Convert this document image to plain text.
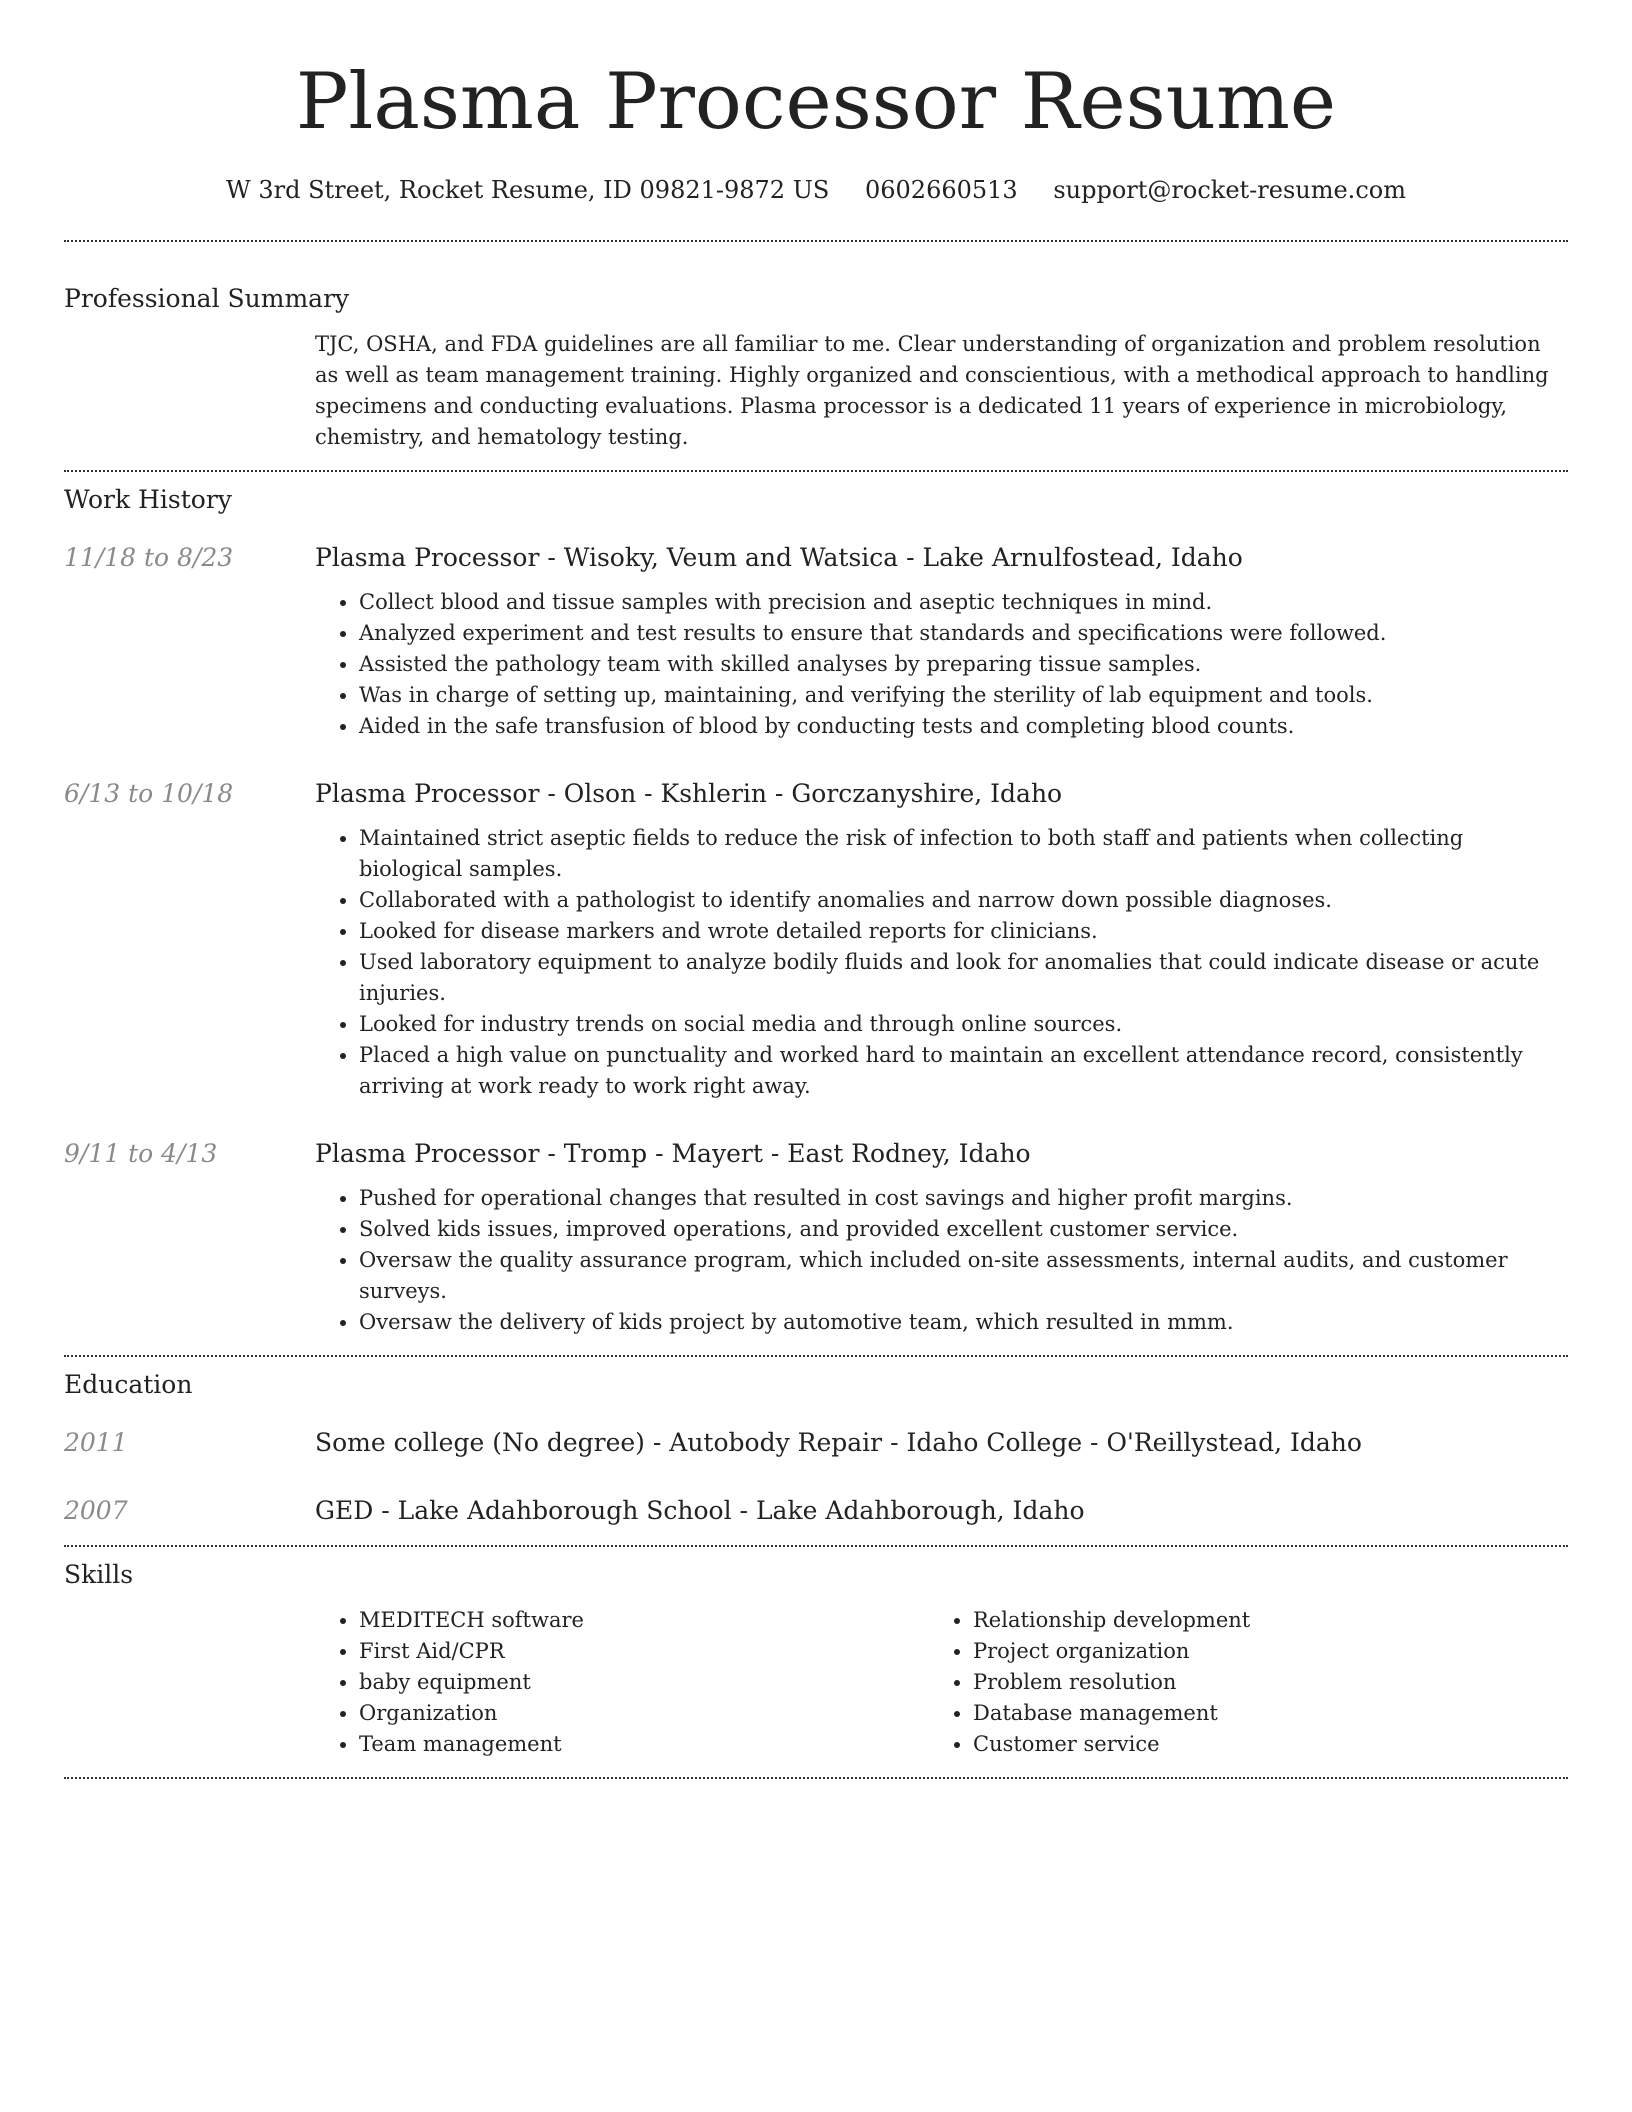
Plasma Processor Resume
W 3rd Street, Rocket Resume, ID 09821-9872 US 0602660513 support@rocket-resume.com
Professional Summary

TJC, OSHA, and FDA guidelines are all familiar to me. Clear understanding of organization and problem resolution as well as team management training. Highly organized and conscientious, with a methodical approach to handling specimens and conducting evaluations. Plasma processor is a dedicated 11 years of experience in microbiology, chemistry, and hematology testing.

Work History
11/18 to 8/23	Plasma Processor - Wisoky, Veum and Watsica - Lake Arnulfostead, Idaho
• Collect blood and tissue samples with precision and aseptic techniques in mind.
• Analyzed experiment and test results to ensure that standards and specifications were followed.
• Assisted the pathology team with skilled analyses by preparing tissue samples.
• Was in charge of setting up, maintaining, and verifying the sterility of lab equipment and tools.
• Aided in the safe transfusion of blood by conducting tests and completing blood counts.
6/13 to 10/18	Plasma Processor - Olson - Kshlerin - Gorczanyshire, Idaho
• Maintained strict aseptic fields to reduce the risk of infection to both staff and patients when collecting biological samples.
• Collaborated with a pathologist to identify anomalies and narrow down possible diagnoses.
• Looked for disease markers and wrote detailed reports for clinicians.
• Used laboratory equipment to analyze bodily fluids and look for anomalies that could indicate disease or acute injuries.
• Looked for industry trends on social media and through online sources.
• Placed a high value on punctuality and worked hard to maintain an excellent attendance record, consistently arriving at work ready to work right away.
9/11 to 4/13	Plasma Processor - Tromp - Mayert - East Rodney, Idaho
• Pushed for operational changes that resulted in cost savings and higher profit margins.
• Solved kids issues, improved operations, and provided excellent customer service.
• Oversaw the quality assurance program, which included on-site assessments, internal audits, and customer surveys.
• Oversaw the delivery of kids project by automotive team, which resulted in mmm.
Education
2011	Some college (No degree) - Autobody Repair - Idaho College - O'Reillystead, Idaho
2007	GED - Lake Adahborough School - Lake Adahborough, Idaho
Skills
• MEDITECH software
• First Aid/CPR
• baby equipment
• Organization
• Team management
• Relationship development
• Project organization
• Problem resolution
• Database management
• Customer service
